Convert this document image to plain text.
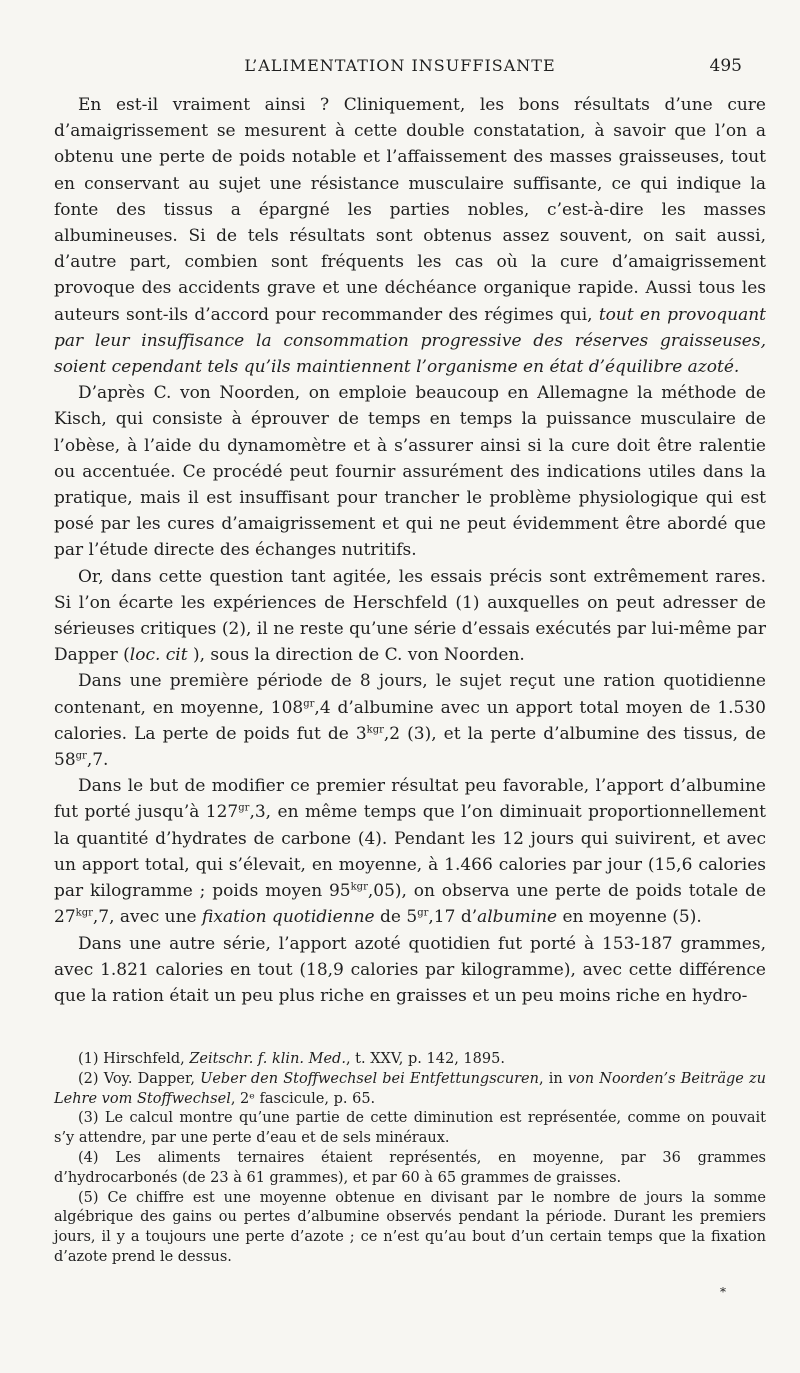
L’ALIMENTATION INSUFFISANTE	495

En est-il vraiment ainsi ? Cliniquement, les bons résultats d’une cure d’amaigrissement se mesurent à cette double constatation, à savoir que l’on a obtenu une perte de poids notable et l’affaissement des masses graisseuses, tout en conservant au sujet une résistance musculaire suffisante, ce qui indique la fonte des tissus a épargné les parties nobles, c’est-à-dire les masses albumineuses. Si de tels résultats sont obtenus assez souvent, on sait aussi, d’autre part, combien sont fréquents les cas où la cure d’amaigrissement provoque des accidents grave et une déchéance organique rapide. Aussi tous les auteurs sont-ils d’accord pour recommander des régimes qui, tout en provoquant par leur insuffisance la consommation progressive des réserves graisseuses, soient cependant tels qu’ils maintiennent l’organisme en état d’équilibre azoté.

D’après C. von Noorden, on emploie beaucoup en Allemagne la méthode de Kisch, qui consiste à éprouver de temps en temps la puissance musculaire de l’obèse, à l’aide du dynamomètre et à s’assurer ainsi si la cure doit être ralentie ou accentuée. Ce procédé peut fournir assurément des indications utiles dans la pratique, mais il est insuffisant pour trancher le problème physiologique qui est posé par les cures d’amaigrissement et qui ne peut évidemment être abordé que par l’étude directe des échanges nutritifs.

Or, dans cette question tant agitée, les essais précis sont extrêmement rares. Si l’on écarte les expériences de Herschfeld (1) auxquelles on peut adresser de sérieuses critiques (2), il ne reste qu’une série d’essais exécutés par lui-même par Dapper (loc. cit ), sous la direction de C. von Noorden.

Dans une première période de 8 jours, le sujet reçut une ration quotidienne contenant, en moyenne, $108^{gr},4$ d’albumine avec un apport total moyen de 1.530 calories. La perte de poids fut de $3^{kgr},2$ (3), et la perte d’albumine des tissus, de $58^{gr},7$.

Dans le but de modifier ce premier résultat peu favorable, l’apport d’albumine fut porté jusqu’à $127^{gr},3$, en même temps que l’on diminuait proportionnellement la quantité d’hydrates de carbone (4). Pendant les 12 jours qui suivirent, et avec un apport total, qui s’élevait, en moyenne, à 1.466 calories par jour (15,6 calories par kilogramme ; poids moyen $95^{kgr},05$), on observa une perte de poids totale de $27^{kgr},7$, avec une fixation quotidienne de $5^{gr},17$ d’albumine en moyenne (5).

Dans une autre série, l’apport azoté quotidien fut porté à 153-187 grammes, avec 1.821 calories en tout (18,9 calories par kilogramme), avec cette différence que la ration était un peu plus riche en graisses et un peu moins riche en hydro-

(1) Hirschfeld, Zeitschr. f. klin. Med., t. XXV, p. 142, 1895.

(2) Voy. Dapper, Ueber den Stoffwechsel bei Entfettungscuren, in von Noorden’s Beiträge zu Lehre vom Stoffwechsel, 2ᵉ fascicule, p. 65.

(3) Le calcul montre qu’une partie de cette diminution est représentée, comme on pouvait s’y attendre, par une perte d’eau et de sels minéraux.

(4) Les aliments ternaires étaient représentés, en moyenne, par 36 grammes d’hydrocarbonés (de 23 à 61 grammes), et par 60 à 65 grammes de graisses.

(5) Ce chiffre est une moyenne obtenue en divisant par le nombre de jours la somme algébrique des gains ou pertes d’albumine observés pendant la période. Durant les premiers jours, il y a toujours une perte d’azote ; ce n’est qu’au bout d’un certain temps que la fixation d’azote prend le dessus.

*
